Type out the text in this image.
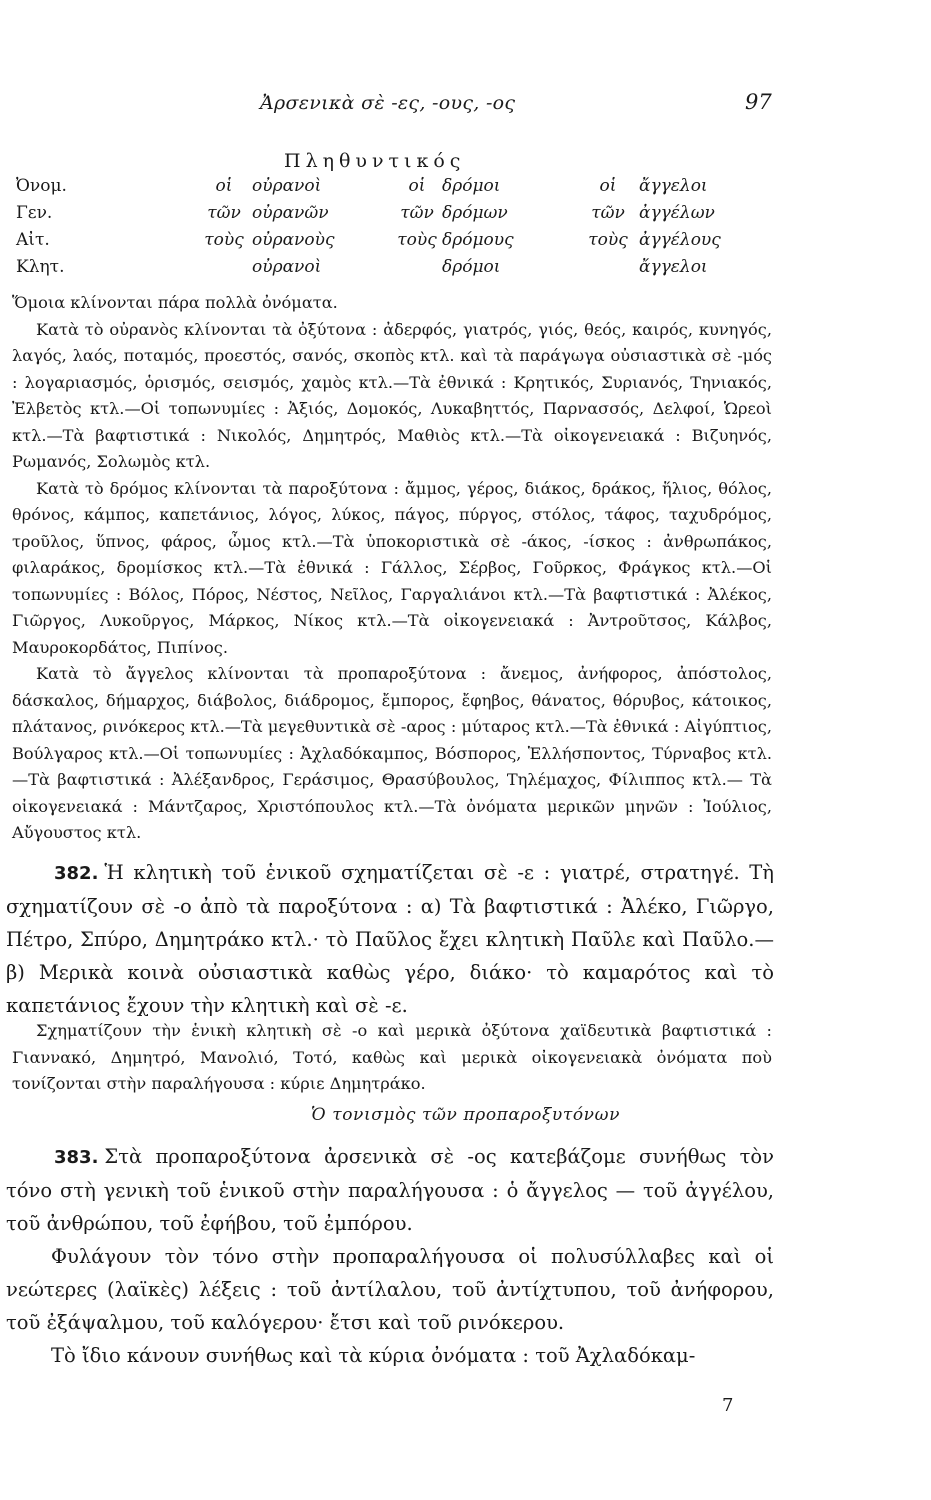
Ἀρσενικὰ σὲ -ες, -ους, -ος	97
Πληθυντικός
Ὀνομ.	οἱ	οὐρανοὶ	οἱ	δρόμοι	οἱ	ἄγγελοι
Γεν.	τῶν	οὐρανῶν	τῶν	δρόμων	τῶν	ἀγγέλων
Αἰτ.	τοὺς	οὐρανοὺς	τοὺς	δρόμους	τοὺς	ἀγγέλους
Κλητ.		οὐρανοὶ		δρόμοι		ἄγγελοι

Ὅμοια κλίνονται πάρα πολλὰ ὀνόματα.

Κατὰ τὸ οὐρανὸς κλίνονται τὰ ὀξύτονα : ἀδερφός, γιατρός, γιός, θεός, καιρός, κυνηγός, λαγός, λαός, ποταμός, προεστός, σανός, σκοπὸς κτλ. καὶ τὰ παράγωγα οὐσιαστικὰ σὲ -μός : λογαριασμός, ὁρισμός, σεισμός, χαμὸς κτλ.—Τὰ ἐθνικά : Κρητικός, Συριανός, Τηνιακός, Ἐλβετὸς κτλ.—Οἱ τοπωνυμίες : Ἀξιός, Δομοκός, Λυκαβηττός, Παρνασσός, Δελφοί, Ὡρεοὶ κτλ.—Τὰ βαφτιστικά : Νικολός, Δημητρός, Μαθιὸς κτλ.—Τὰ οἰκογενειακά : Βιζυηνός, Ρωμανός, Σολωμὸς κτλ.

Κατὰ τὸ δρόμος κλίνονται τὰ παροξύτονα : ἄμμος, γέρος, διάκος, δράκος, ἥλιος, θόλος, θρόνος, κάμπος, καπετάνιος, λόγος, λύκος, πάγος, πύργος, στόλος, τάφος, ταχυδρόμος, τροῦλος, ὕπνος, φάρος, ὦμος κτλ.—Τὰ ὑποκοριστικὰ σὲ -άκος, -ίσκος : ἀνθρωπάκος, φιλαράκος, δρομίσκος κτλ.—Τὰ ἐθνικά : Γάλλος, Σέρβος, Γοῦρκος, Φράγκος κτλ.—Οἱ τοπωνυμίες : Βόλος, Πόρος, Νέστος, Νεῖλος, Γαργαλιάνοι κτλ.—Τὰ βαφτιστικά : Ἀλέκος, Γιῶργος, Λυκοῦργος, Μάρκος, Νίκος κτλ.—Τὰ οἰκογενειακά : Ἀντροῦτσος, Κάλβος, Μαυροκορδάτος, Πιπίνος.

Κατὰ τὸ ἄγγελος κλίνονται τὰ προπαροξύτονα : ἄνεμος, ἀνήφορος, ἀπόστολος, δάσκαλος, δήμαρχος, διάβολος, διάδρομος, ἔμπορος, ἔφηβος, θάνατος, θόρυβος, κάτοικος, πλάτανος, ρινόκερος κτλ.—Τὰ μεγεθυντικὰ σὲ -αρος : μύταρος κτλ.—Τὰ ἐθνικά : Αἰγύπτιος, Βούλγαρος κτλ.—Οἱ τοπωνυμίες : Ἀχλαδόκαμπος, Βόσπορος, Ἑλλήσποντος, Τύρναβος κτλ.—Τὰ βαφτιστικά : Ἀλέξανδρος, Γεράσιμος, Θρασύβουλος, Τηλέμαχος, Φίλιππος κτλ.— Τὰ οἰκογενειακά : Μάντζαρος, Χριστόπουλος κτλ.—Τὰ ὀνόματα μερικῶν μηνῶν : Ἰούλιος, Αὔγουστος κτλ.

382. Ἡ κλητικὴ τοῦ ἑνικοῦ σχηματίζεται σὲ -ε : γιατρέ, στρατηγέ. Τὴ σχηματίζουν σὲ -ο ἀπὸ τὰ παροξύτονα : α) Τὰ βαφτιστικά : Ἀλέκο, Γιῶργο, Πέτρο, Σπύρο, Δημητράκο κτλ.· τὸ Παῦλος ἔχει κλητικὴ Παῦλε καὶ Παῦλο.— β) Μερικὰ κοινὰ οὐσιαστικὰ καθὼς γέρο, διάκο· τὸ καμαρότος καὶ τὸ καπετάνιος ἔχουν τὴν κλητικὴ καὶ σὲ -ε.

Σχηματίζουν τὴν ἑνικὴ κλητικὴ σὲ -ο καὶ μερικὰ ὀξύτονα χαϊδευτικὰ βαφτιστικά : Γιαννακό, Δημητρό, Μανολιό, Τοτό, καθὼς καὶ μερικὰ οἰκογενειακὰ ὀνόματα ποὺ τονίζονται στὴν παραλήγουσα : κύριε Δημητράκο.

Ὁ τονισμὸς τῶν προπαροξυτόνων

383. Στὰ προπαροξύτονα ἀρσενικὰ σὲ -ος κατεβάζομε συνήθως τὸν τόνο στὴ γενικὴ τοῦ ἑνικοῦ στὴν παραλήγουσα : ὁ ἄγγελος — τοῦ ἀγγέλου, τοῦ ἀνθρώπου, τοῦ ἐφήβου, τοῦ ἐμπόρου.

Φυλάγουν τὸν τόνο στὴν προπαραλήγουσα οἱ πολυσύλλαβες καὶ οἱ νεώτερες (λαϊκὲς) λέξεις : τοῦ ἀντίλαλου, τοῦ ἀντίχτυπου, τοῦ ἀνήφορου, τοῦ ἐξάψαλμου, τοῦ καλόγερου· ἔτσι καὶ τοῦ ρινόκερου.

Τὸ ἴδιο κάνουν συνήθως καὶ τὰ κύρια ὀνόματα : τοῦ Ἀχλαδόκαμ-

7
